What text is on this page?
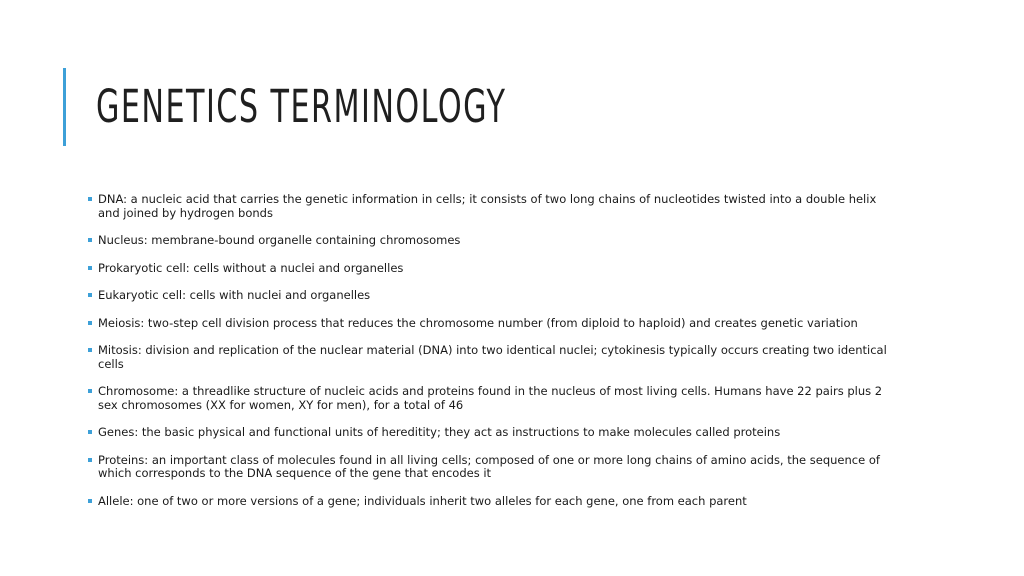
GENETICS TERMINOLOGY
DNA: a nucleic acid that carries the genetic information in cells; it consists of two long chains of nucleotides twisted into a double helix and joined by hydrogen bonds
Nucleus: membrane-bound organelle containing chromosomes
Prokaryotic cell: cells without a nuclei and organelles
Eukaryotic cell: cells with nuclei and organelles
Meiosis: two-step cell division process that reduces the chromosome number (from diploid to haploid) and creates genetic variation
Mitosis: division and replication of the nuclear material (DNA) into two identical nuclei; cytokinesis typically occurs creating two identical cells
Chromosome: a threadlike structure of nucleic acids and proteins found in the nucleus of most living cells. Humans have 22 pairs plus 2 sex chromosomes (XX for women, XY for men), for a total of 46
Genes: the basic physical and functional units of hereditity; they act as instructions to make molecules called proteins
Proteins: an important class of molecules found in all living cells; composed of one or more long chains of amino acids, the sequence of which corresponds to the DNA sequence of the gene that encodes it
Allele: one of two or more versions of a gene; individuals inherit two alleles for each gene, one from each parent
